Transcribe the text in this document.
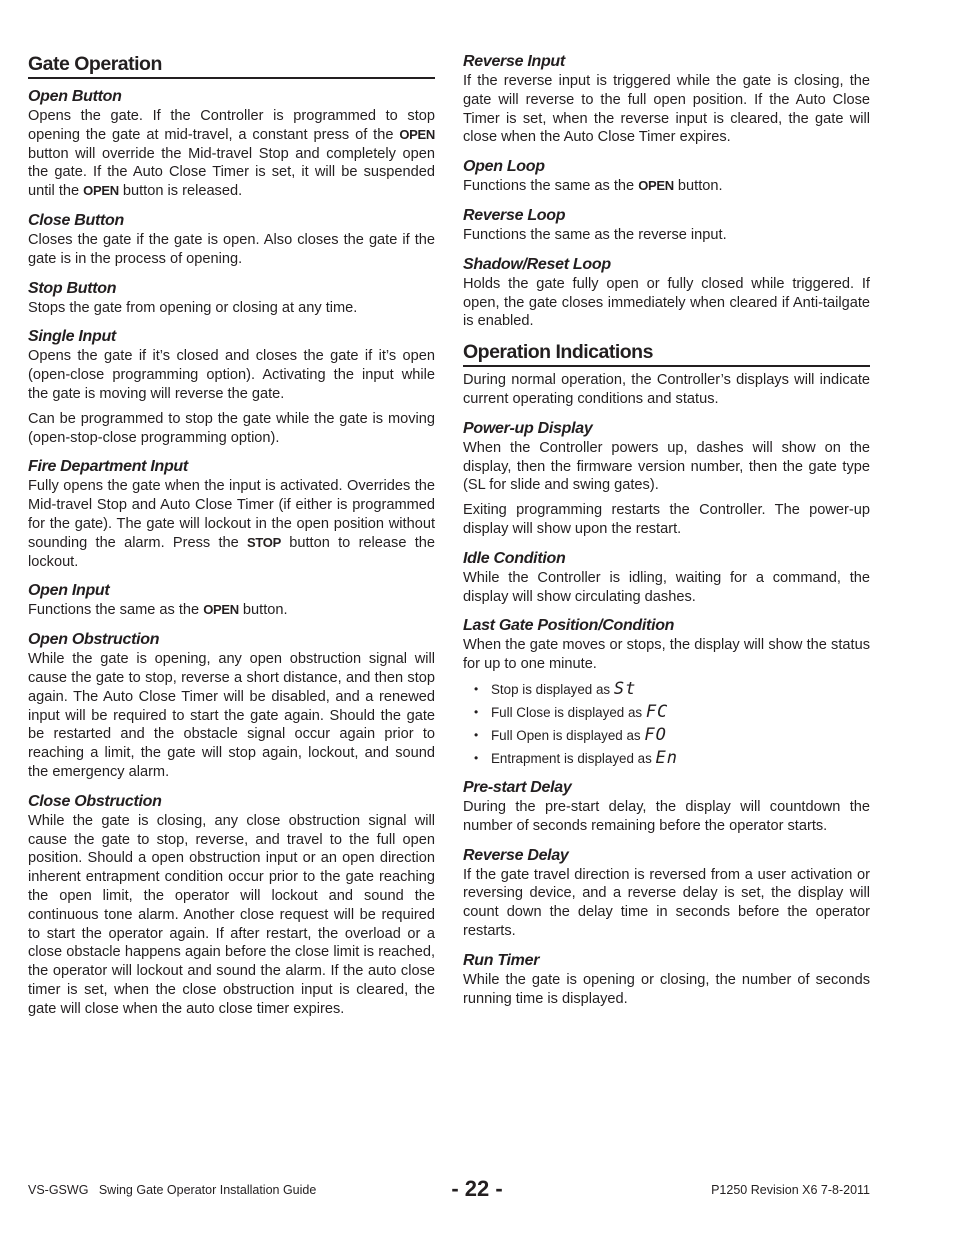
Gate Operation
Open Button

Opens the gate. If the Controller is programmed to stop opening the gate at mid-travel, a constant press of the OPEN button will override the Mid-travel Stop and completely open the gate. If the Auto Close Timer is set, it will be suspended until the OPEN button is released.

Close Button

Closes the gate if the gate is open. Also closes the gate if the gate is in the process of opening.

Stop Button

Stops the gate from opening or closing at any time.

Single Input

Opens the gate if it’s closed and closes the gate if it’s open (open-close programming option). Activating the input while the gate is moving will reverse the gate.

Can be programmed to stop the gate while the gate is moving (open-stop-close programming option).

Fire Department Input

Fully opens the gate when the input is activated. Overrides the Mid-travel Stop and Auto Close Timer (if either is programmed for the gate). The gate will lockout in the open position without sounding the alarm. Press the STOP button to release the lockout.

Open Input

Functions the same as the OPEN button.

Open Obstruction

While the gate is opening, any open obstruction signal will cause the gate to stop, reverse a short distance, and then stop again. The Auto Close Timer will be disabled, and a renewed input will be required to start the gate again. Should the gate be restarted and the obstacle signal occur again prior to reaching a limit, the gate will stop again, lockout, and sound the emergency alarm.

Close Obstruction

While the gate is closing, any close obstruction signal will cause the gate to stop, reverse, and travel to the full open position. Should a open obstruction input or an open direction inherent entrapment condition occur prior to the gate reaching the open limit, the operator will lockout and sound the continuous tone alarm. Another close request will be required to start the operator again. If after restart, the overload or a close obstacle happens again before the close limit is reached, the operator will lockout and sound the alarm. If the auto close timer is set, when the close obstruction input is cleared, the gate will close when the auto close timer expires.

Reverse Input

If the reverse input is triggered while the gate is closing, the gate will reverse to the full open position. If the Auto Close Timer is set, when the reverse input is cleared, the gate will close when the Auto Close Timer expires.

Open Loop

Functions the same as the OPEN button.

Reverse Loop

Functions the same as the reverse input.

Shadow/Reset Loop

Holds the gate fully open or fully closed while triggered. If open, the gate closes immediately when cleared if Anti-tailgate is enabled.

Operation Indications

During normal operation, the Controller’s displays will indicate current operating conditions and status.

Power-up Display

When the Controller powers up, dashes will show on the display, then the firmware version number, then the gate type (SL for slide and swing gates).

Exiting programming restarts the Controller. The power-up display will show upon the restart.

Idle Condition

While the Controller is idling, waiting for a command, the display will show circulating dashes.

Last Gate Position/Condition

When the gate moves or stops, the display will show the status for up to one minute.

• Stop is displayed as St
• Full Close is displayed as FC
• Full Open is displayed as FO
• Entrapment is displayed as En
Pre-start Delay

During the pre-start delay, the display will countdown the number of seconds remaining before the operator starts.

Reverse Delay

If the gate travel direction is reversed from a user activation or reversing device, and a reverse delay is set, the display will count down the delay time in seconds before the operator restarts.

Run Timer

While the gate is opening or closing, the number of seconds running time is displayed.

VS-GSWG   Swing Gate Operator Installation Guide	- 22 -	P1250 Revision X6 7-8-2011
